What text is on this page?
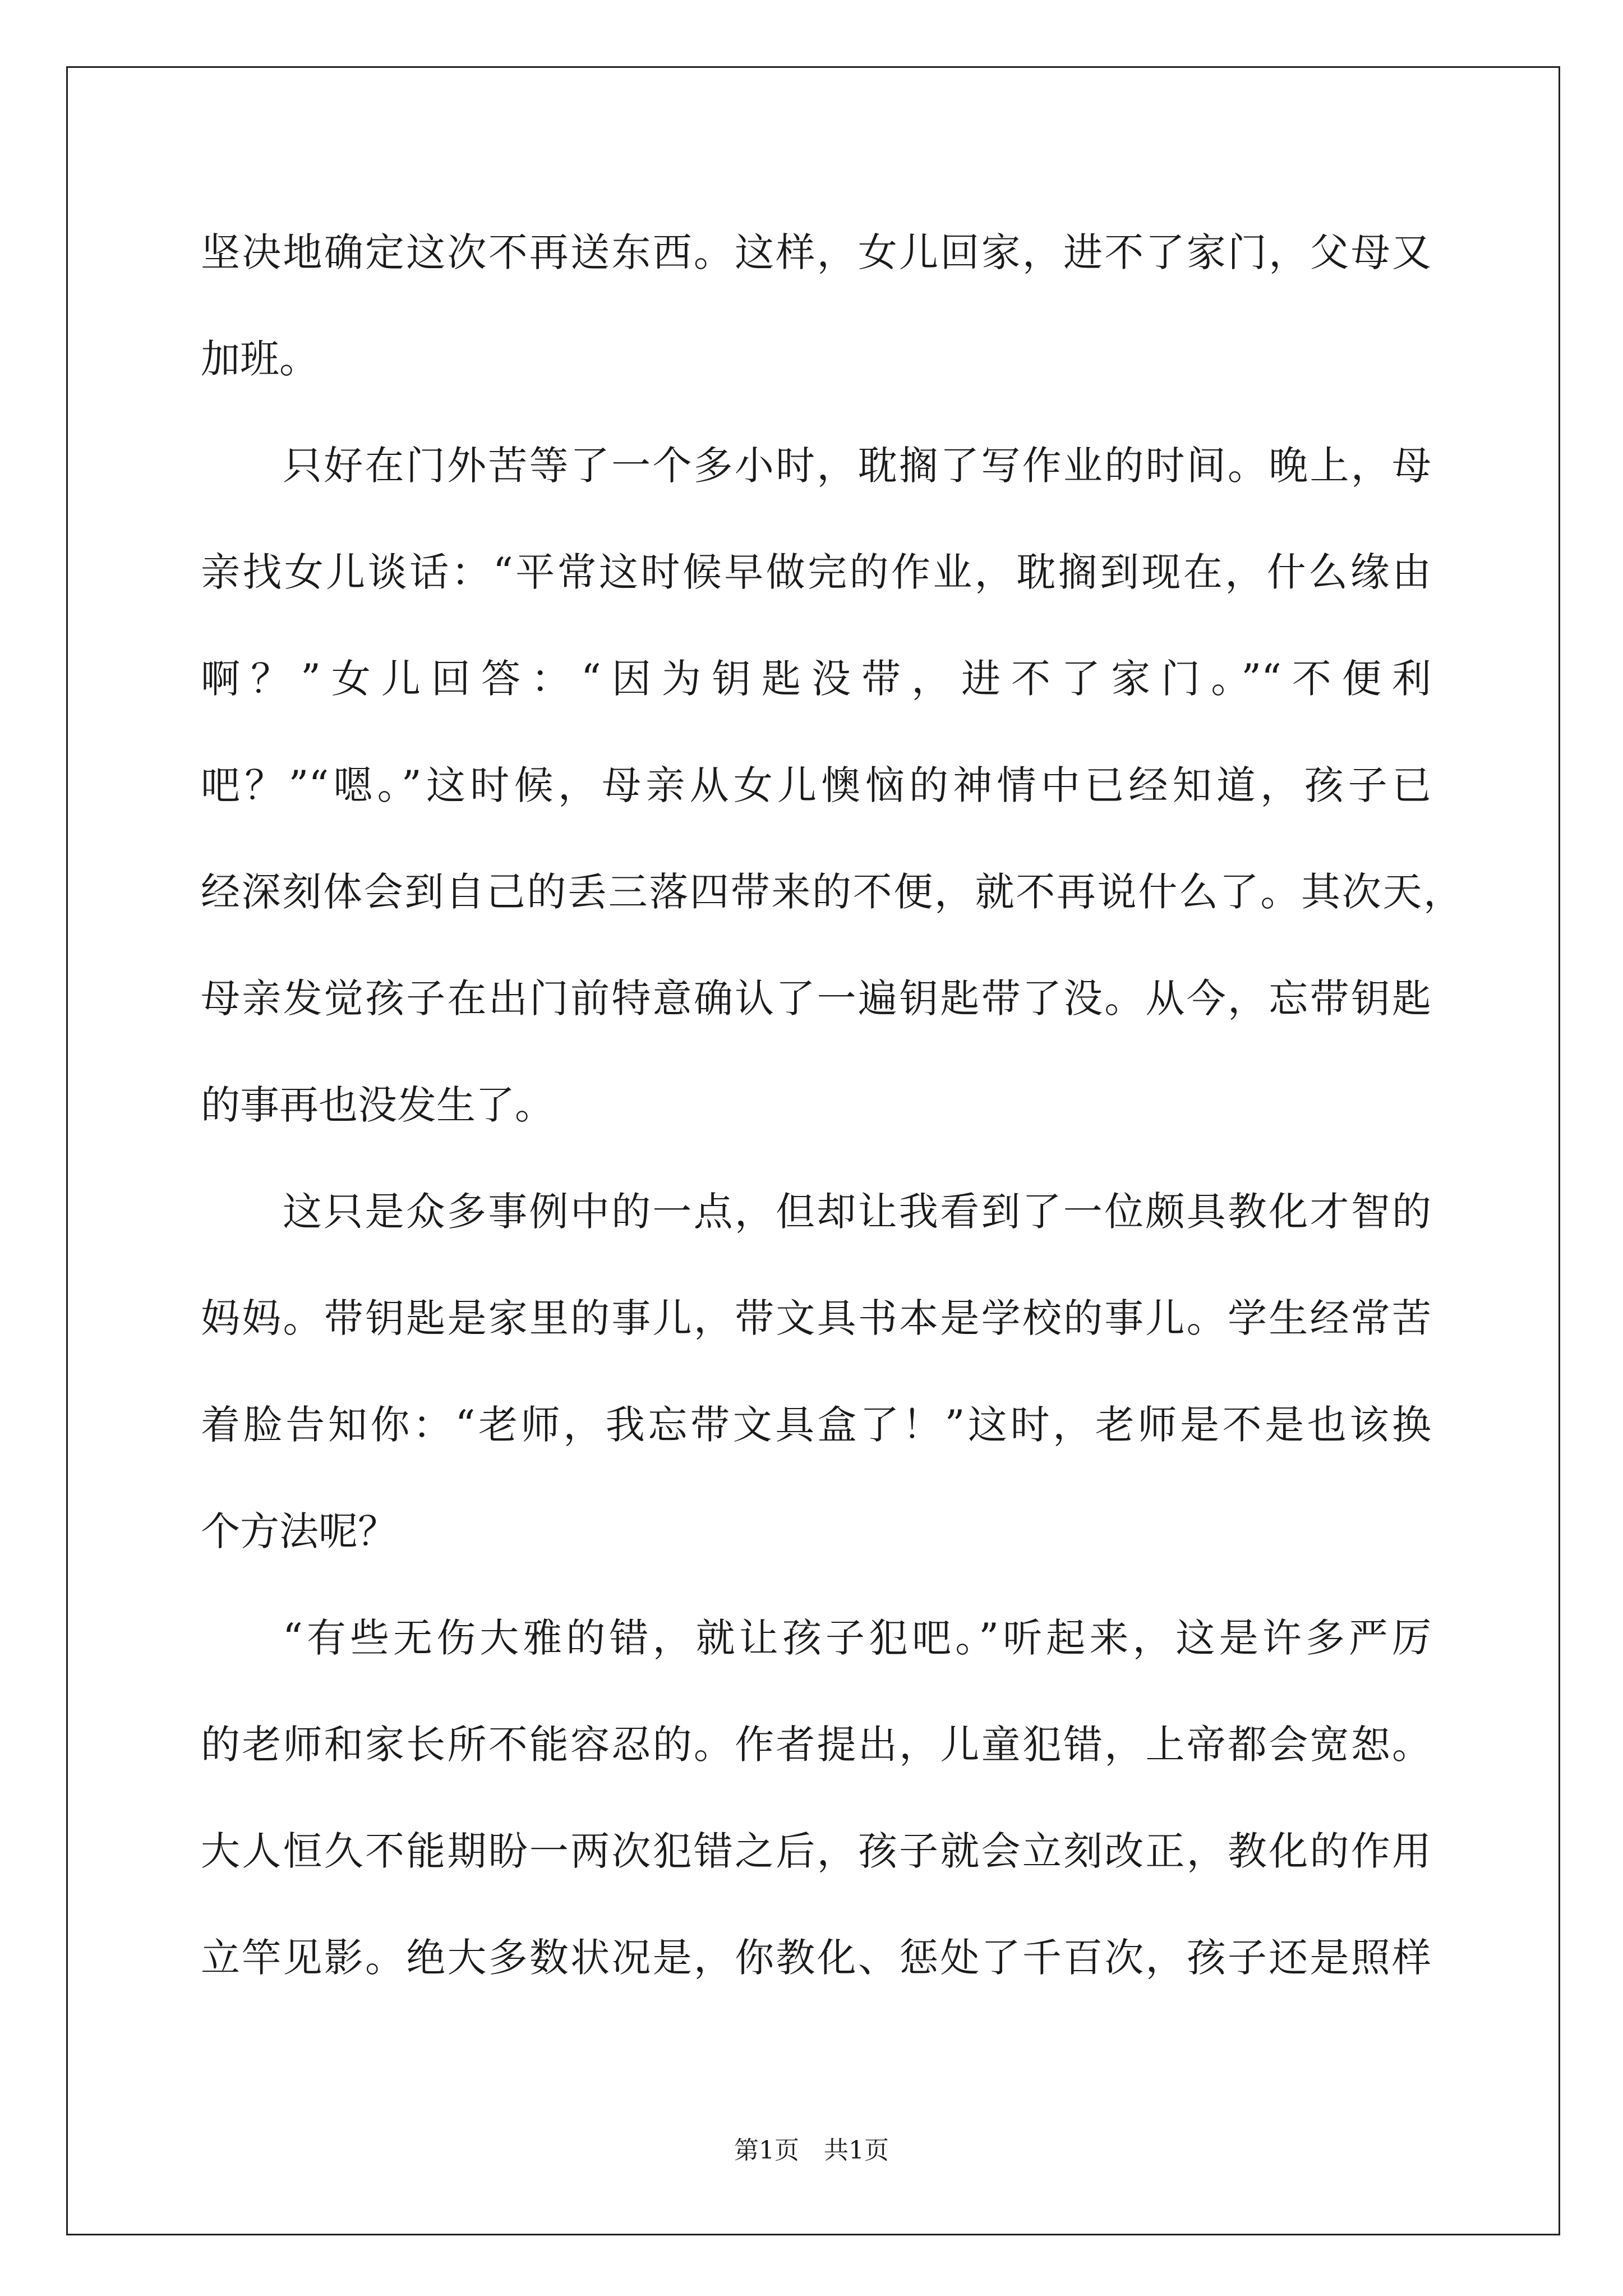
坚决地确定这次不再送东西。这样，女儿回家，进不了家门，父母又
加班。
只好在门外苦等了一个多小时，耽搁了写作业的时间。晚上，母
亲找女儿谈话：“平常这时候早做完的作业，耽搁到现在，什么缘由
啊？”女儿回答：“因为钥匙没带，进不了家门。”“不便利
吧？”“嗯。”这时候，母亲从女儿懊恼的神情中已经知道，孩子已
经深刻体会到自己的丢三落四带来的不便，就不再说什么了。其次天，
母亲发觉孩子在出门前特意确认了一遍钥匙带了没。从今，忘带钥匙
的事再也没发生了。
这只是众多事例中的一点，但却让我看到了一位颇具教化才智的
妈妈。带钥匙是家里的事儿，带文具书本是学校的事儿。学生经常苦
着脸告知你：“老师，我忘带文具盒了！”这时，老师是不是也该换
个方法呢？
“有些无伤大雅的错，就让孩子犯吧。”听起来，这是许多严厉
的老师和家长所不能容忍的。作者提出，儿童犯错，上帝都会宽恕。
大人恒久不能期盼一两次犯错之后，孩子就会立刻改正，教化的作用
立竿见影。绝大多数状况是，你教化、惩处了千百次，孩子还是照样
第1页　共1页
